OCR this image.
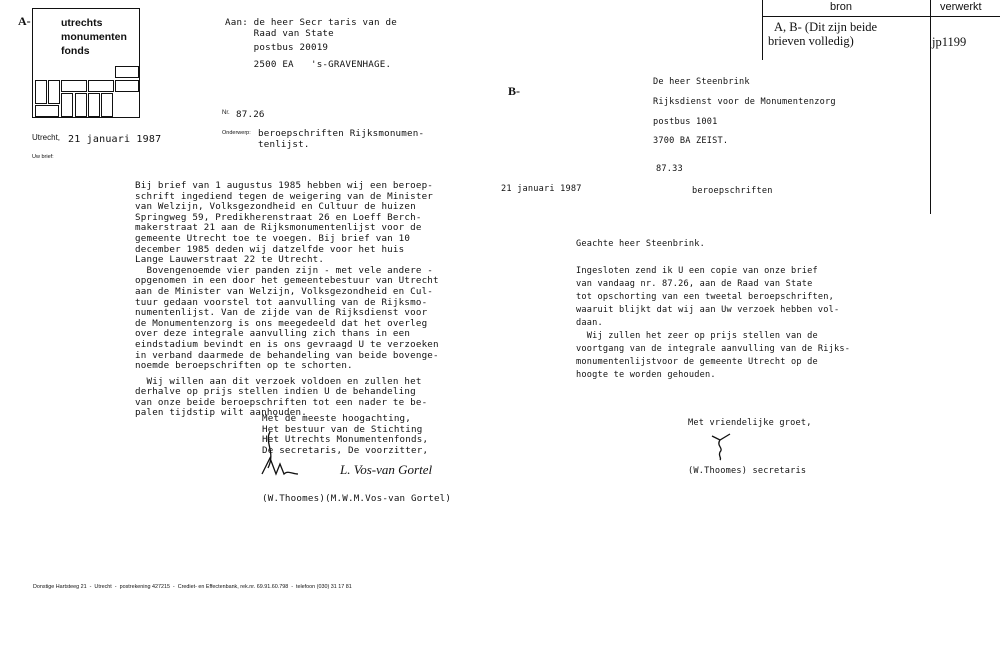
bron	verwerkt
A, B- (Dit zijn beide
brieven volledig)	jp1199
A-	utrechts
monumenten
fonds
Aan: de heer Secr taris van de
Raad van State
postbus 20019
2500 EA   's-GRAVENHAGE.
Nr. 87.26
Utrecht, 21 januari 1987
Uw brief:
Onderwerp: beroepschriften Rijksmonumen-
tenlijst.
Bij brief van 1 augustus 1985 hebben wij een beroep-
schrift ingediend tegen de weigering van de Minister
van Welzijn, Volksgezondheid en Cultuur de huizen
Springweg 59, Predikherenstraat 26 en Loeff Berch-
makerstraat 21 aan de Rijksmonumentenlijst voor de
gemeente Utrecht toe te voegen. Bij brief van 10
december 1985 deden wij datzelfde voor het huis
Lange Lauwerstraat 22 te Utrecht.
Bovengenoemde vier panden zijn - met vele andere -
opgenomen in een door het gemeentebestuur van Utrecht
aan de Minister van Welzijn, Volksgezondheid en Cul-
tuur gedaan voorstel tot aanvulling van de Rijksmo-
numentenlijst. Van de zijde van de Rijksdienst voor
de Monumentenzorg is ons meegedeeld dat het overleg
over deze integrale aanvulling zich thans in een
eindstadium bevindt en is ons gevraagd U te verzoeken
in verband daarmede de behandeling van beide bovenge-
noemde beroepschriften op te schorten.
Wij willen aan dit verzoek voldoen en zullen het
derhalve op prijs stellen indien U de behandeling
van onze beide beroepschriften tot een nader te be-
palen tijdstip wilt aanhouden.
Met de meeste hoogachting,
Het bestuur van de Stichting
Het Utrechts Monumentenfonds,
De secretaris, De voorzitter,
L. Vos-van Gortel
(W.Thoomes)(M.W.M.Vos-van Gortel)
Donstige Hartsteeg 21  -  Utrecht  -  postrekening 427215  -  Crediet- en Effectenbank, rek.nr. 69.91.60.798  -  telefoon (030) 31 17 81
B-
De heer Steenbrink
Rijksdienst voor de Monumentenzorg
postbus 1001
3700 BA ZEIST.
87.33
21 januari 1987	beroepschriften
Geachte heer Steenbrink.
Ingesloten zend ik U een copie van onze brief
van vandaag nr. 87.26, aan de Raad van State
tot opschorting van een tweetal beroepschriften,
waaruit blijkt dat wij aan Uw verzoek hebben vol-
daan.
Wij zullen het zeer op prijs stellen van de
voortgang van de integrale aanvulling van de Rijks-
monumentenlijstvoor de gemeente Utrecht op de
hoogte te worden gehouden.
Met vriendelijke groet,
(W.Thoomes) secretaris
